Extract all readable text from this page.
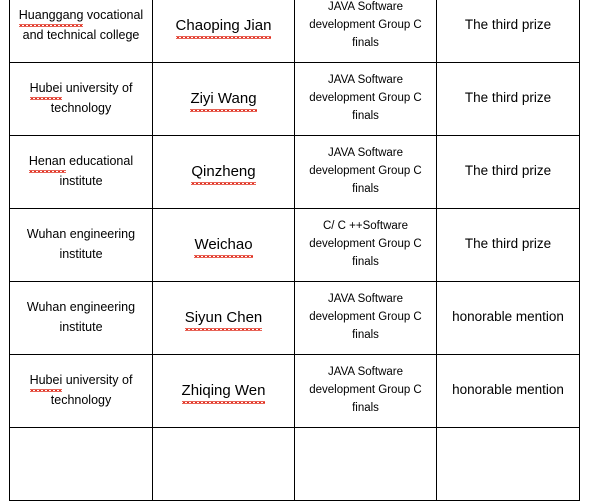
Huanggang vocational and technical college	Chaoping Jian	JAVA Software development Group C finals	The third prize
Hubei university of technology	Ziyi Wang	JAVA Software development Group C finals	The third prize
Henan educational institute	Qinzheng	JAVA Software development Group C finals	The third prize
Wuhan engineering institute	Weichao	C/ C ++Software development Group C finals	The third prize
Wuhan engineering institute	Siyun Chen	JAVA Software development Group C finals	honorable mention
Hubei university of technology	Zhiqing Wen	JAVA Software development Group C finals	honorable mention
